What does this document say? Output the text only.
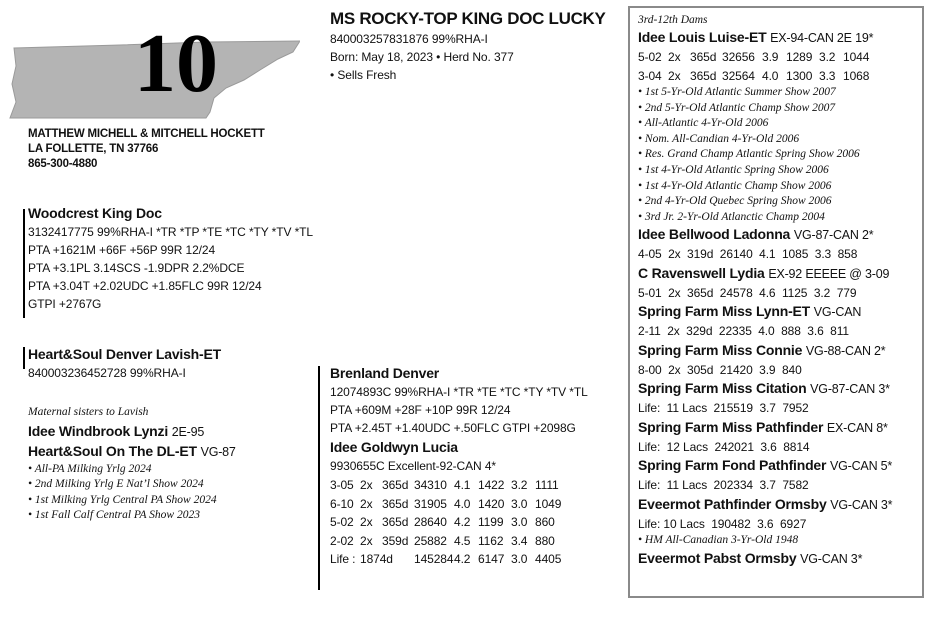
10
MATTHEW MICHELL & MITCHELL HOCKETT
LA FOLLETTE, TN 37766
865-300-4880
MS ROCKY-TOP KING DOC LUCKY
840003257831876 99%RHA-I
Born: May 18, 2023 • Herd No. 377
• Sells Fresh
Woodcrest King Doc
3132417775 99%RHA-I *TR *TP *TE *TC *TY *TV *TL
PTA +1621M +66F +56P 99R 12/24
PTA +3.1PL 3.14SCS -1.9DPR 2.2%DCE
PTA +3.04T +2.02UDC +1.85FLC 99R 12/24
GTPI +2767G
Heart&Soul Denver Lavish-ET
840003236452728 99%RHA-I
Maternal sisters to Lavish
Idee Windbrook Lynzi 2E-95
Heart&Soul On The DL-ET VG-87
• All-PA Milking Yrlg 2024
• 2nd Milking Yrlg E Nat’l Show 2024
• 1st Milking Yrlg Central PA Show 2024
• 1st Fall Calf Central PA Show 2023
Brenland Denver
12074893C 99%RHA-I *TR *TE *TC *TY *TV *TL
PTA +609M +28F +10P 99R 12/24
PTA +2.45T +1.40UDC +.50FLC GTPI +2098G
Idee Goldwyn Lucia
9930655C Excellent-92-CAN 4*
3-05 2x 365d 34310 4.1 1422 3.2 1111
6-10 2x 365d 31905 4.0 1420 3.0 1049
5-02 2x 365d 28640 4.2 1199 3.0 860
2-02 2x 359d 25882 4.5 1162 3.4 880
Life : 1874d 1452844.2 6147 3.0 4405
3rd-12th Dams
Idee Louis Luise-ET EX-94-CAN 2E 19*
5-02 2x 365d 32656 3.9 1289 3.2 1044
3-04 2x 365d 32564 4.0 1300 3.3 1068
• 1st 5-Yr-Old Atlantic Summer Show 2007
• 2nd 5-Yr-Old Atlantic Champ Show 2007
• All-Atlantic 4-Yr-Old 2006
• Nom. All-Candian 4-Yr-Old 2006
• Res. Grand Champ Atlantic Spring Show 2006
• 1st 4-Yr-Old Atlantic Spring Show 2006
• 1st 4-Yr-Old Atlantic Champ Show 2006
• 2nd 4-Yr-Old Quebec Spring Show 2006
• 3rd Jr. 2-Yr-Old Atlanctic Champ 2004
Idee Bellwood Ladonna VG-87-CAN 2*
4-05  2x  319d  26140  4.1  1085  3.3  858
C Ravenswell Lydia EX-92 EEEEE @ 3-09
5-01  2x  365d  24578  4.6  1125  3.2  779
Spring Farm Miss Lynn-ET VG-CAN
2-11  2x  329d  22335  4.0  888  3.6  811
Spring Farm Miss Connie VG-88-CAN 2*
8-00  2x  305d  21420  3.9  840
Spring Farm Miss Citation VG-87-CAN 3*
Life:  11 Lacs  215519  3.7  7952
Spring Farm Miss Pathfinder EX-CAN 8*
Life:  12 Lacs  242021  3.6  8814
Spring Farm Fond Pathfinder VG-CAN 5*
Life:  11 Lacs  202334  3.7  7582
Eveermot Pathfinder Ormsby VG-CAN 3*
Life: 10 Lacs  190482  3.6  6927
• HM All-Canadian 3-Yr-Old 1948
Eveermot Pabst Ormsby VG-CAN 3*
